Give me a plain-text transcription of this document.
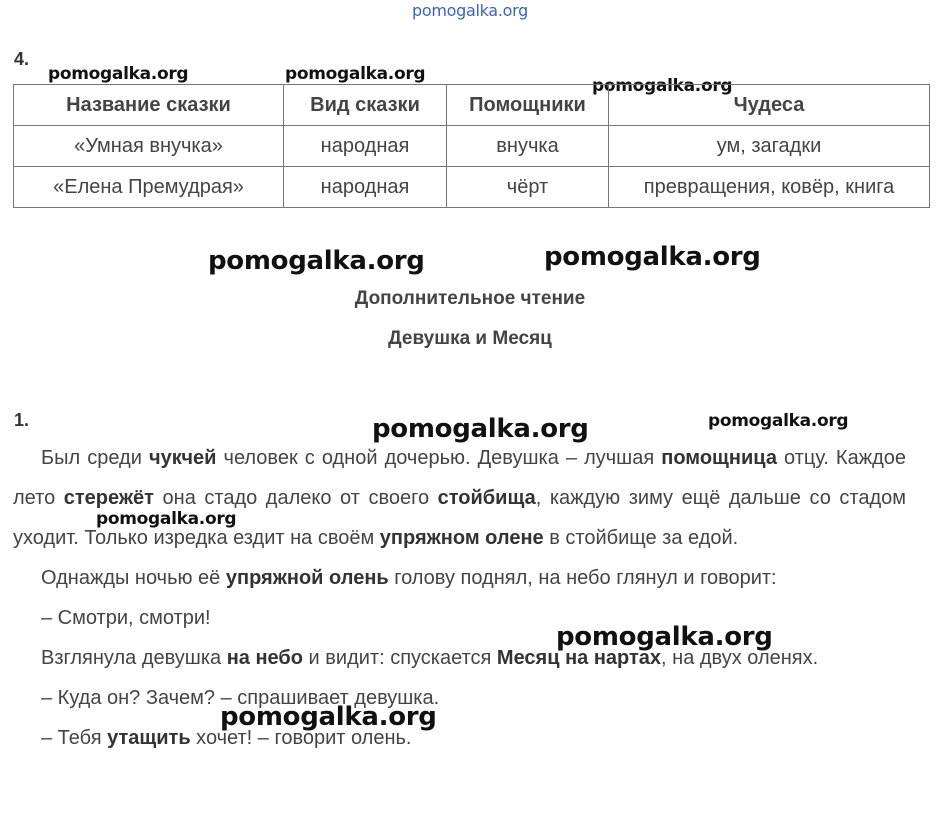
pomogalka.org
pomogalka.org	pomogalka.org
pomogalka.org
pomogalka.org	pomogalka.org
pomogalka.org	pomogalka.org
pomogalka.org
pomogalka.org
pomogalka.org
4.
Название сказки	Вид сказки	Помощники	Чудеса
«Умная внучка»	народная	внучка	ум, загадки
«Елена Премудрая»	народная	чёрт	превращения, ковёр, книга
Дополнительное чтение
Девушка и Месяц
1.

Был среди чукчей человек с одной дочерью. Девушка – лучшая помощница отцу. Каждое лето стережёт она стадо далеко от своего стойбища, каждую зиму ещё дальше со стадом уходит. Только изредка ездит на своём упряжном олене в стойбище за едой.

Однажды ночью её упряжной олень голову поднял, на небо глянул и говорит:

– Смотри, смотри!

Взглянула девушка на небо и видит: спускается Месяц на нартах, на двух оленях.

– Куда он? Зачем? – спрашивает девушка.

– Тебя утащить хочет! – говорит олень.
